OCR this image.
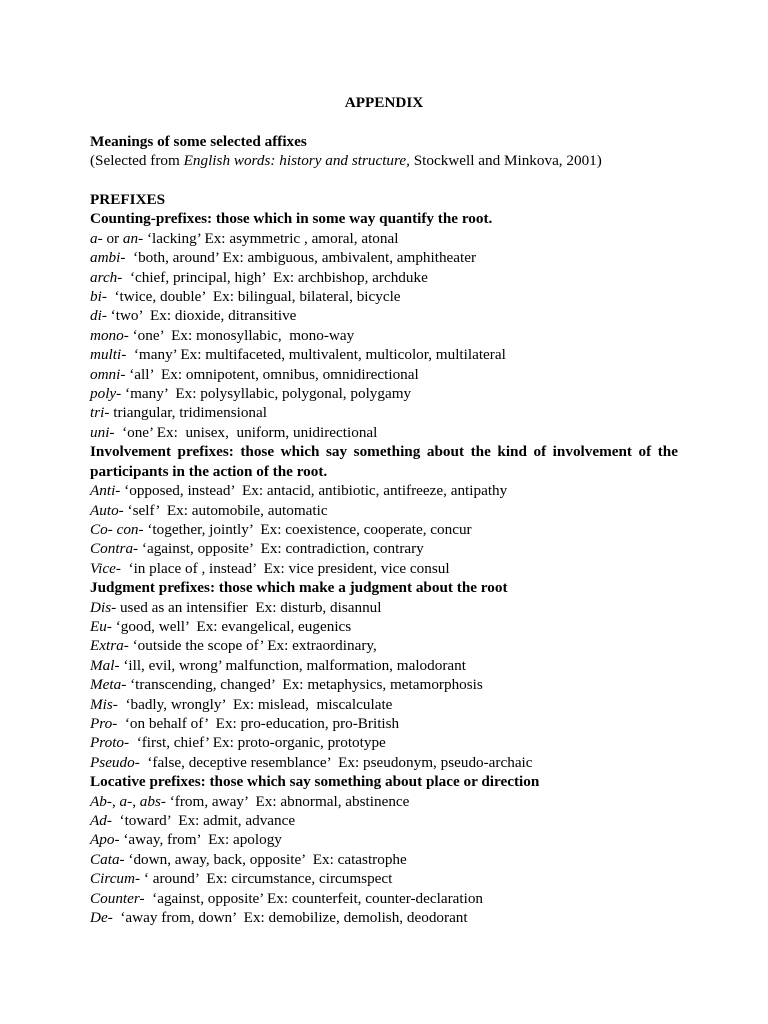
APPENDIX
Meanings of some selected affixes
(Selected from English words: history and structure, Stockwell and Minkova, 2001)
PREFIXES
Counting-prefixes: those which in some way quantify the root.
a- or an- ‘lacking’ Ex: asymmetric , amoral, atonal
ambi-  ‘both, around’ Ex: ambiguous, ambivalent, amphitheater
arch-  ‘chief, principal, high’  Ex: archbishop, archduke
bi-  ‘twice, double’  Ex: bilingual, bilateral, bicycle
di- ‘two’  Ex: dioxide, ditransitive
mono- ‘one’  Ex: monosyllabic,  mono-way
multi-  ‘many’ Ex: multifaceted, multivalent, multicolor, multilateral
omni- ‘all’  Ex: omnipotent, omnibus, omnidirectional
poly- ‘many’  Ex: polysyllabic, polygonal, polygamy
tri- triangular, tridimensional
uni-  ‘one’ Ex:  unisex,  uniform, unidirectional
Involvement prefixes: those which say something about the kind of involvement of the participants in the action of the root.
Anti- ‘opposed, instead’  Ex: antacid, antibiotic, antifreeze, antipathy
Auto- ‘self’  Ex: automobile, automatic
Co- con- ‘together, jointly’  Ex: coexistence, cooperate, concur
Contra- ‘against, opposite’  Ex: contradiction, contrary
Vice-  ‘in place of , instead’  Ex: vice president, vice consul
Judgment prefixes: those which make a judgment about the root
Dis- used as an intensifier  Ex: disturb, disannul
Eu- ‘good, well’  Ex: evangelical, eugenics
Extra- ‘outside the scope of’ Ex: extraordinary,
Mal- ‘ill, evil, wrong’ malfunction, malformation, malodorant
Meta- ‘transcending, changed’  Ex: metaphysics, metamorphosis
Mis-  ‘badly, wrongly’  Ex: mislead,  miscalculate
Pro-  ‘on behalf of’  Ex: pro-education, pro-British
Proto-  ‘first, chief’ Ex: proto-organic, prototype
Pseudo-  ‘false, deceptive resemblance’  Ex: pseudonym, pseudo-archaic
Locative prefixes: those which say something about place or direction
Ab-, a-, abs- ‘from, away’  Ex: abnormal, abstinence
Ad-  ‘toward’  Ex: admit, advance
Apo- ‘away, from’  Ex: apology
Cata- ‘down, away, back, opposite’  Ex: catastrophe
Circum- ‘ around’  Ex: circumstance, circumspect
Counter-  ‘against, opposite’ Ex: counterfeit, counter-declaration
De-  ‘away from, down’  Ex: demobilize, demolish, deodorant
